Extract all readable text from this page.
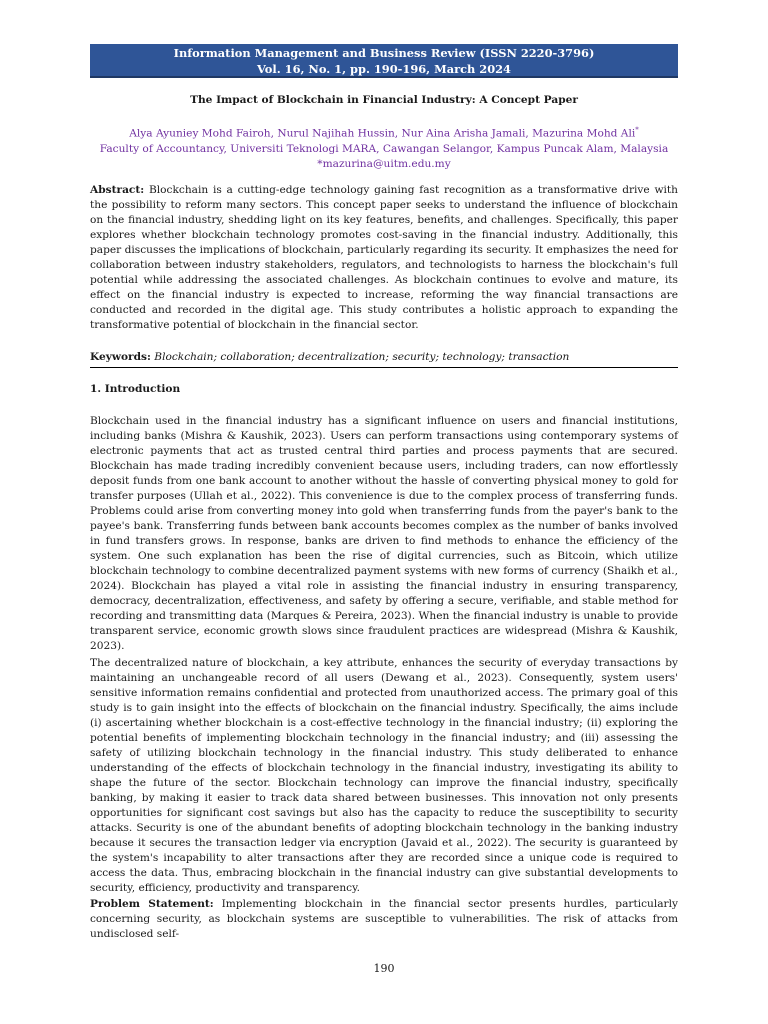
Information Management and Business Review (ISSN 2220-3796)
Vol. 16, No. 1, pp. 190-196, March 2024
The Impact of Blockchain in Financial Industry: A Concept Paper
Alya Ayuniey Mohd Fairoh, Nurul Najihah Hussin, Nur Aina Arisha Jamali, Mazurina Mohd Ali*
Faculty of Accountancy, Universiti Teknologi MARA, Cawangan Selangor, Kampus Puncak Alam, Malaysia
*mazurina@uitm.edu.my
Abstract: Blockchain is a cutting-edge technology gaining fast recognition as a transformative drive with the possibility to reform many sectors. This concept paper seeks to understand the influence of blockchain on the financial industry, shedding light on its key features, benefits, and challenges. Specifically, this paper explores whether blockchain technology promotes cost-saving in the financial industry. Additionally, this paper discusses the implications of blockchain, particularly regarding its security. It emphasizes the need for collaboration between industry stakeholders, regulators, and technologists to harness the blockchain's full potential while addressing the associated challenges. As blockchain continues to evolve and mature, its effect on the financial industry is expected to increase, reforming the way financial transactions are conducted and recorded in the digital age. This study contributes a holistic approach to expanding the transformative potential of blockchain in the financial sector.
Keywords: Blockchain; collaboration; decentralization; security; technology; transaction
1. Introduction
Blockchain used in the financial industry has a significant influence on users and financial institutions, including banks (Mishra & Kaushik, 2023). Users can perform transactions using contemporary systems of electronic payments that act as trusted central third parties and process payments that are secured. Blockchain has made trading incredibly convenient because users, including traders, can now effortlessly deposit funds from one bank account to another without the hassle of converting physical money to gold for transfer purposes (Ullah et al., 2022). This convenience is due to the complex process of transferring funds. Problems could arise from converting money into gold when transferring funds from the payer's bank to the payee's bank. Transferring funds between bank accounts becomes complex as the number of banks involved in fund transfers grows. In response, banks are driven to find methods to enhance the efficiency of the system. One such explanation has been the rise of digital currencies, such as Bitcoin, which utilize blockchain technology to combine decentralized payment systems with new forms of currency (Shaikh et al., 2024). Blockchain has played a vital role in assisting the financial industry in ensuring transparency, democracy, decentralization, effectiveness, and safety by offering a secure, verifiable, and stable method for recording and transmitting data (Marques & Pereira, 2023). When the financial industry is unable to provide transparent service, economic growth slows since fraudulent practices are widespread (Mishra & Kaushik, 2023).
The decentralized nature of blockchain, a key attribute, enhances the security of everyday transactions by maintaining an unchangeable record of all users (Dewang et al., 2023). Consequently, system users' sensitive information remains confidential and protected from unauthorized access. The primary goal of this study is to gain insight into the effects of blockchain on the financial industry. Specifically, the aims include (i) ascertaining whether blockchain is a cost-effective technology in the financial industry; (ii) exploring the potential benefits of implementing blockchain technology in the financial industry; and (iii) assessing the safety of utilizing blockchain technology in the financial industry. This study deliberated to enhance understanding of the effects of blockchain technology in the financial industry, investigating its ability to shape the future of the sector. Blockchain technology can improve the financial industry, specifically banking, by making it easier to track data shared between businesses. This innovation not only presents opportunities for significant cost savings but also has the capacity to reduce the susceptibility to security attacks. Security is one of the abundant benefits of adopting blockchain technology in the banking industry because it secures the transaction ledger via encryption (Javaid et al., 2022). The security is guaranteed by the system's incapability to alter transactions after they are recorded since a unique code is required to access the data. Thus, embracing blockchain in the financial industry can give substantial developments to security, efficiency, productivity and transparency.
Problem Statement: Implementing blockchain in the financial sector presents hurdles, particularly concerning security, as blockchain systems are susceptible to vulnerabilities. The risk of attacks from undisclosed self-
190
